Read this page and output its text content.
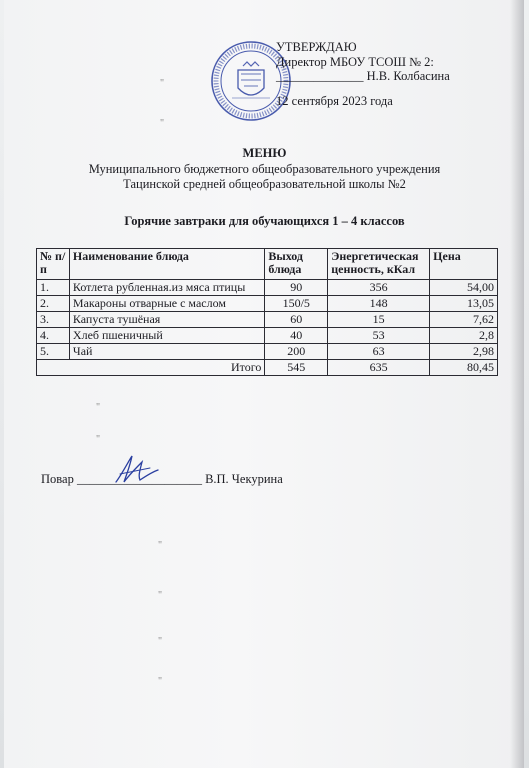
УТВЕРЖДАЮ
Директор МБОУ ТСОШ № 2:
______________ Н.В. Колбасина
12 сентября 2023 года
МЕНЮ
Муниципального бюджетного общеобразовательного учреждения
Тацинской средней общеобразовательной школы №2
Горячие завтраки для обучающихся 1 – 4 классов
№ п/п	Наименование блюда	Выход блюда	Энергетическая ценность, кКал	Цена
1.	Котлета рубленная.из мяса птицы	90	356	54,00
2.	Макароны отварные с маслом	150/5	148	13,05
3.	Капуста тушёная	60	15	7,62
4.	Хлеб пшеничный	40	53	2,8
5.	Чай	200	63	2,98
Итого		545	635	80,45
Повар ____________________ В.П. Чекурина
"
"
"
"
"
"
"
"
